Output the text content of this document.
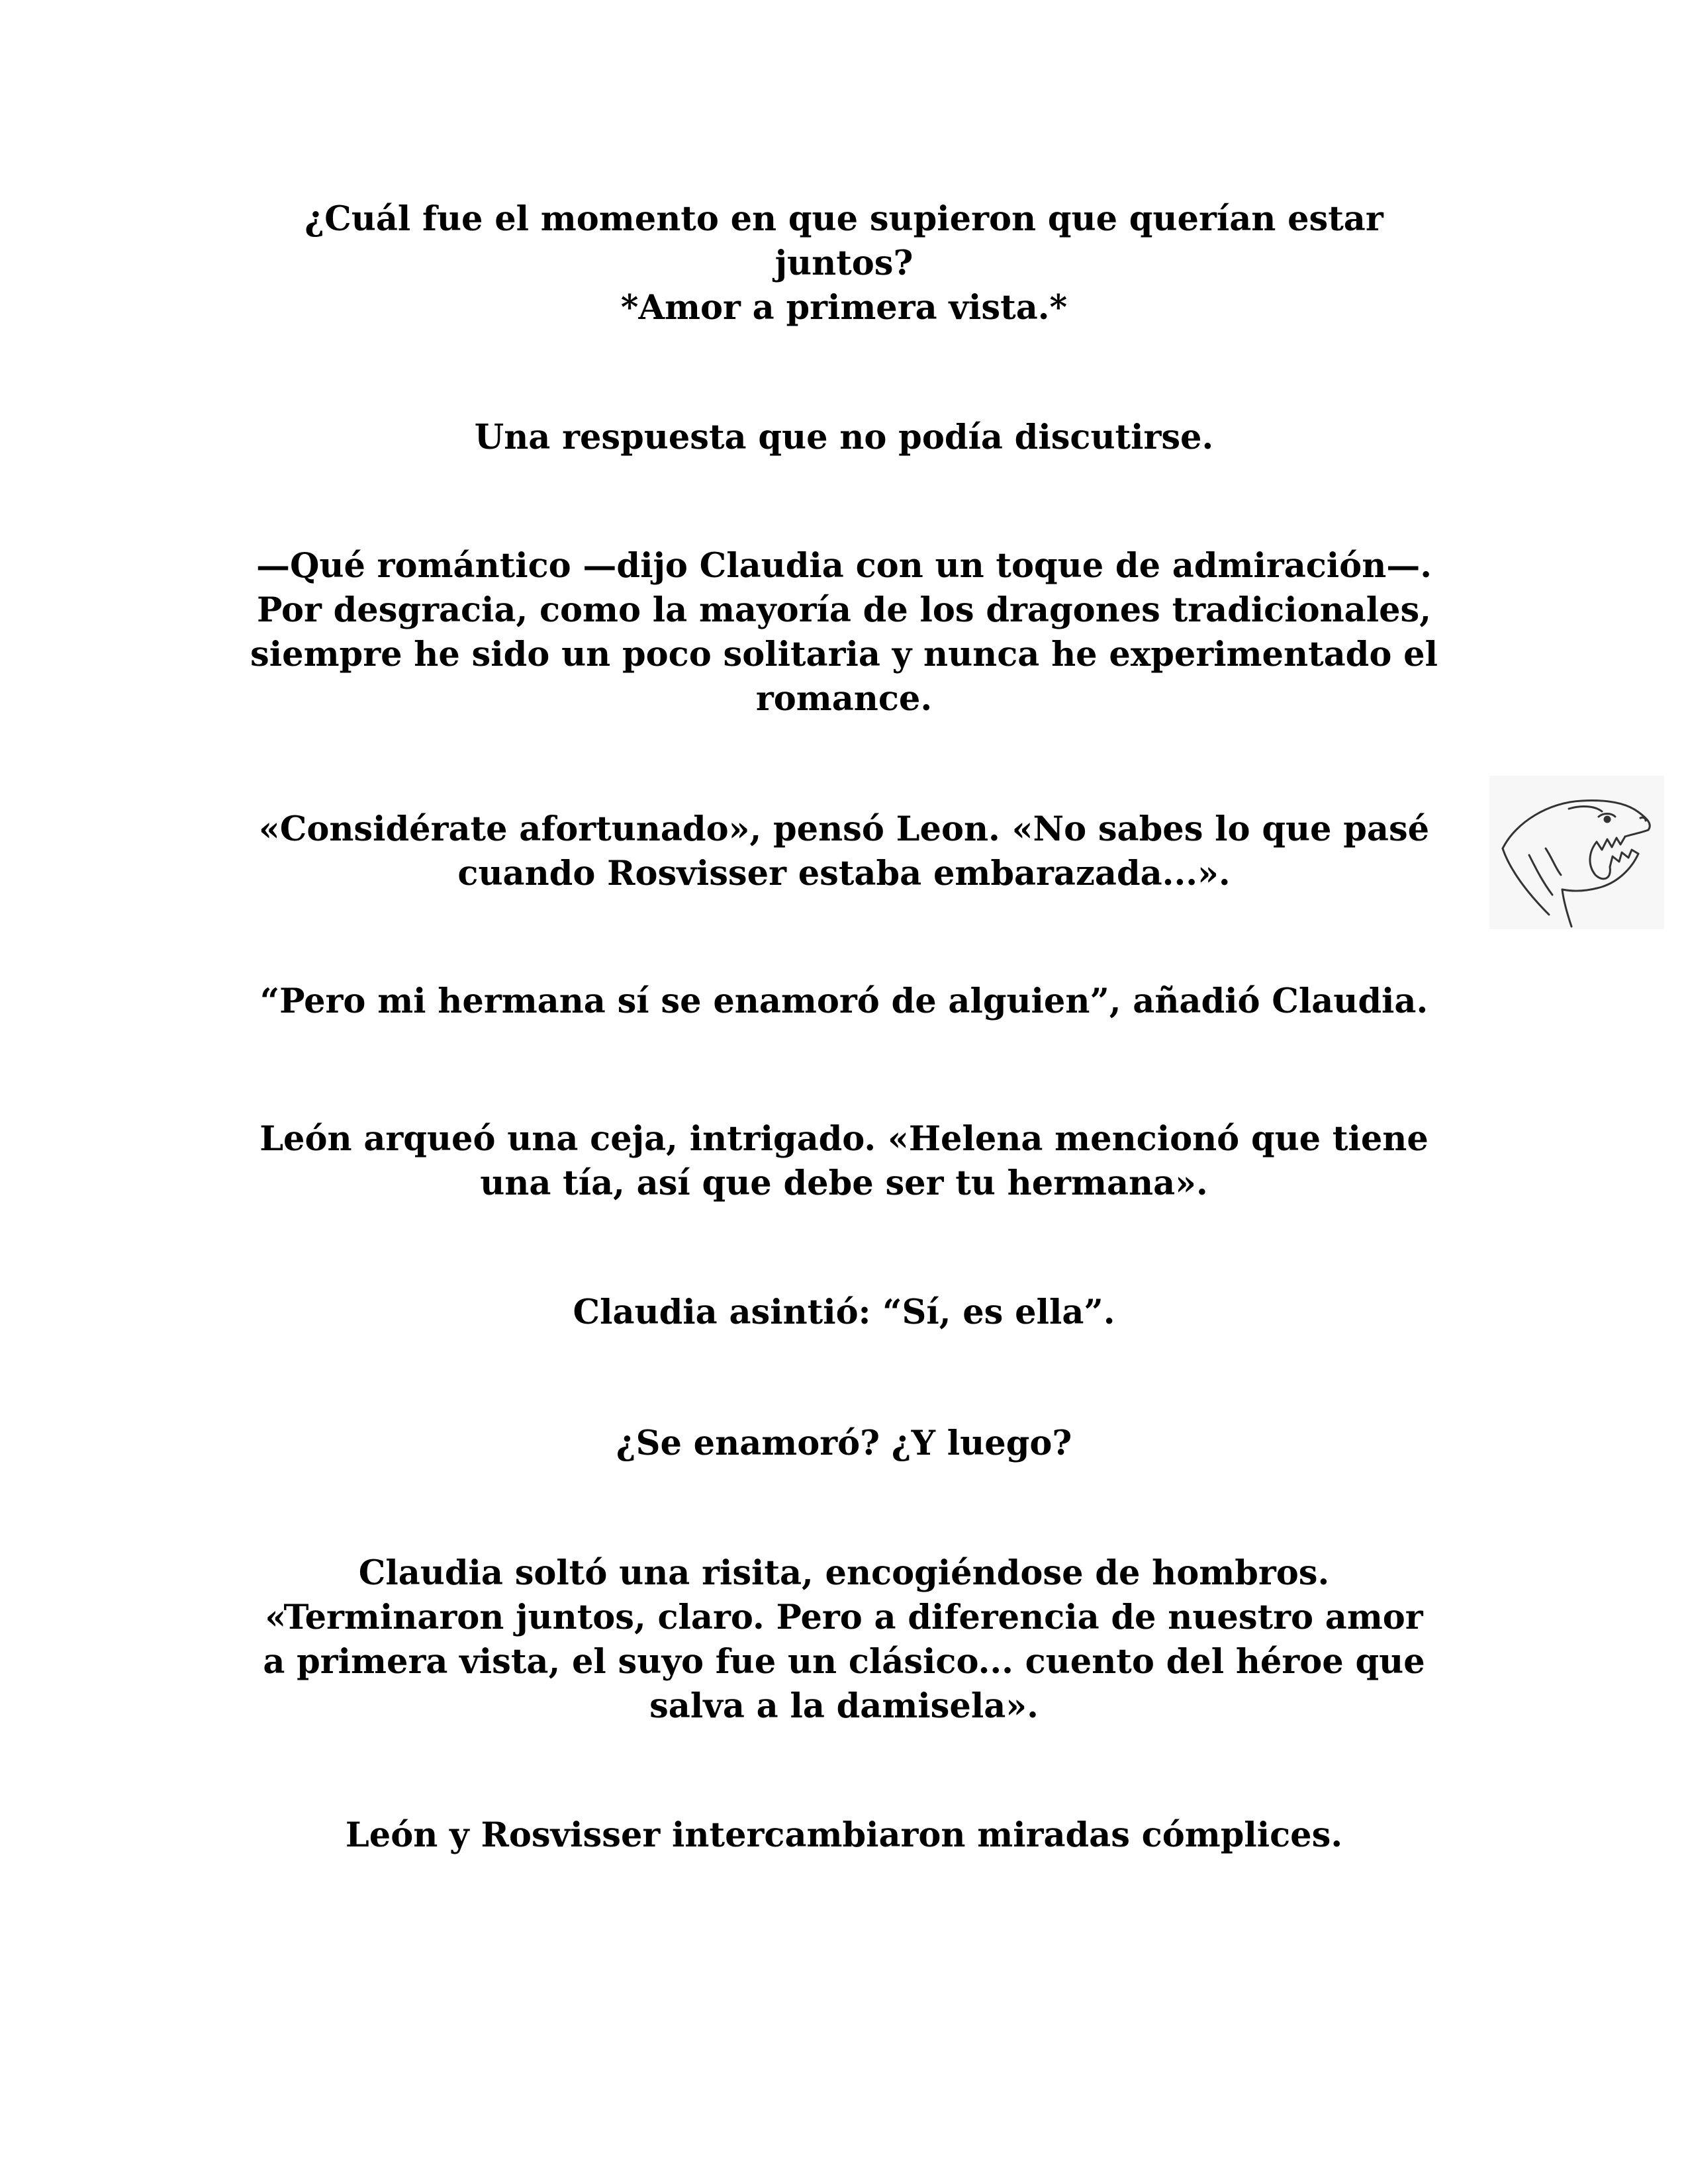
¿Cuál fue el momento en que supieron que querían estar
juntos?
*Amor a primera vista.*
Una respuesta que no podía discutirse.
—Qué romántico —dijo Claudia con un toque de admiración—.
Por desgracia, como la mayoría de los dragones tradicionales,
siempre he sido un poco solitaria y nunca he experimentado el
romance.
«Considérate afortunado», pensó Leon. «No sabes lo que pasé
cuando Rosvisser estaba embarazada...».
“Pero mi hermana sí se enamoró de alguien”, añadió Claudia.
León arqueó una ceja, intrigado. «Helena mencionó que tiene
una tía, así que debe ser tu hermana».
Claudia asintió: “Sí, es ella”.
¿Se enamoró? ¿Y luego?
Claudia soltó una risita, encogiéndose de hombros.
«Terminaron juntos, claro. Pero a diferencia de nuestro amor
a primera vista, el suyo fue un clásico... cuento del héroe que
salva a la damisela».
León y Rosvisser intercambiaron miradas cómplices.
